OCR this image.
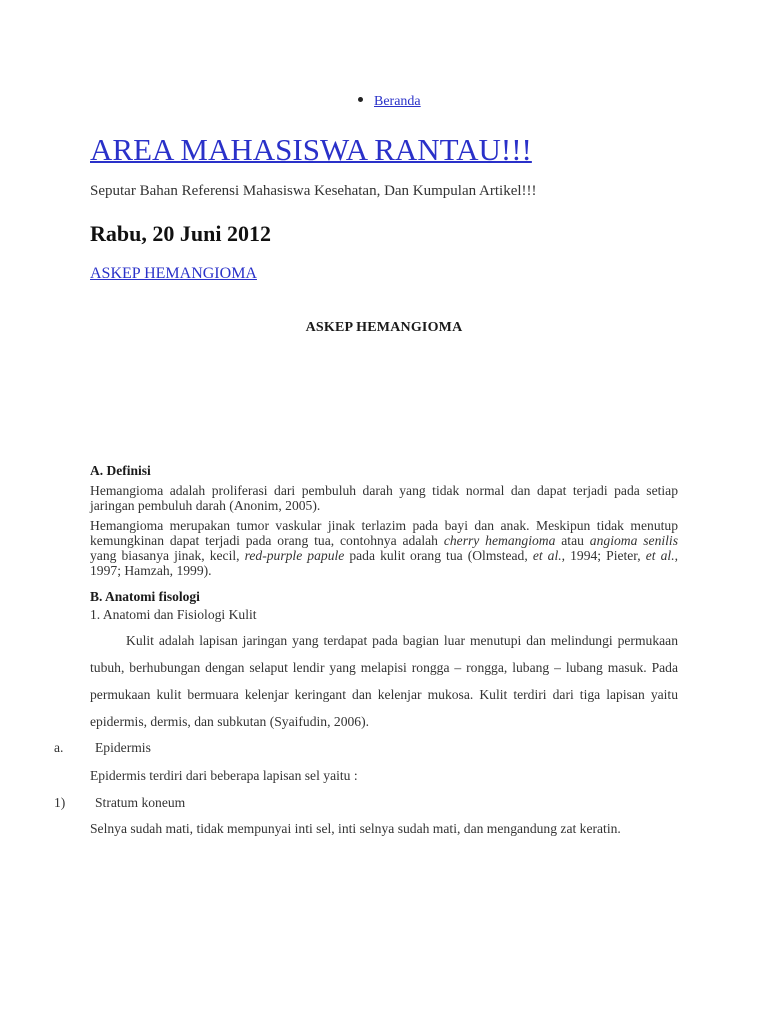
Beranda
AREA MAHASISWA RANTAU!!!
Seputar Bahan Referensi Mahasiswa Kesehatan, Dan Kumpulan Artikel!!!
Rabu, 20 Juni 2012
ASKEP HEMANGIOMA
ASKEP HEMANGIOMA
A. Definisi
Hemangioma adalah proliferasi dari pembuluh darah yang tidak normal dan dapat terjadi pada setiap jaringan pembuluh darah (Anonim, 2005).
Hemangioma merupakan tumor vaskular jinak terlazim pada bayi dan anak. Meskipun tidak menutup kemungkinan dapat terjadi pada orang tua, contohnya adalah cherry hemangioma atau angioma senilis yang biasanya jinak, kecil, red-purple papule pada kulit orang tua (Olmstead, et al., 1994; Pieter, et al., 1997; Hamzah, 1999).
B. Anatomi fisologi
1. Anatomi dan Fisiologi Kulit
Kulit adalah lapisan jaringan yang terdapat pada bagian luar menutupi dan melindungi permukaan tubuh, berhubungan dengan selaput lendir yang melapisi rongga – rongga, lubang – lubang masuk. Pada permukaan kulit bermuara kelenjar keringant dan kelenjar mukosa. Kulit terdiri dari tiga lapisan yaitu epidermis, dermis, dan subkutan (Syaifudin, 2006).
a. Epidermis
Epidermis terdiri dari beberapa lapisan sel yaitu :
1) Stratum koneum
Selnya sudah mati, tidak mempunyai inti sel, inti selnya sudah mati, dan mengandung zat keratin.
